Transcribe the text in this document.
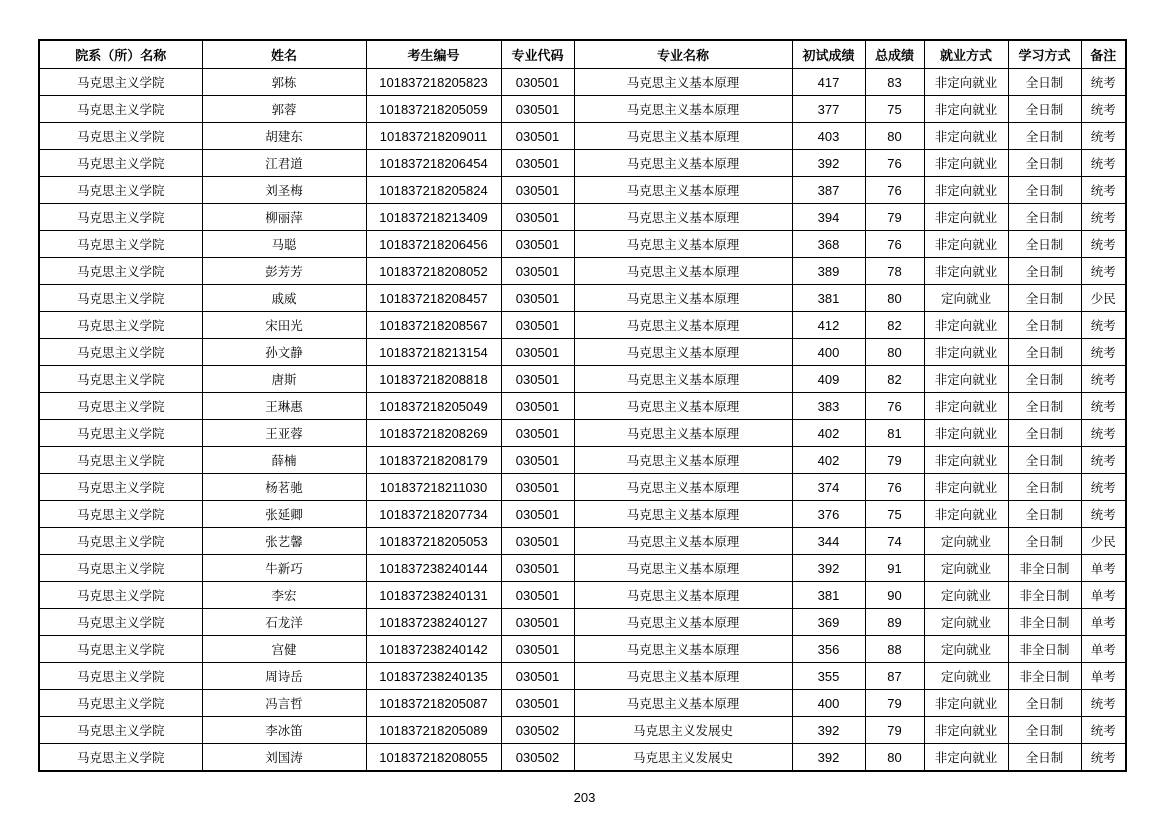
院系（所）名称	姓名	考生编号	专业代码	专业名称	初试成绩	总成绩	就业方式	学习方式	备注
马克思主义学院	郭栋	101837218205823	030501	马克思主义基本原理	417	83	非定向就业	全日制	统考
马克思主义学院	郭蓉	101837218205059	030501	马克思主义基本原理	377	75	非定向就业	全日制	统考
马克思主义学院	胡建东	101837218209011	030501	马克思主义基本原理	403	80	非定向就业	全日制	统考
马克思主义学院	江君道	101837218206454	030501	马克思主义基本原理	392	76	非定向就业	全日制	统考
马克思主义学院	刘圣梅	101837218205824	030501	马克思主义基本原理	387	76	非定向就业	全日制	统考
马克思主义学院	柳丽萍	101837218213409	030501	马克思主义基本原理	394	79	非定向就业	全日制	统考
马克思主义学院	马聪	101837218206456	030501	马克思主义基本原理	368	76	非定向就业	全日制	统考
马克思主义学院	彭芳芳	101837218208052	030501	马克思主义基本原理	389	78	非定向就业	全日制	统考
马克思主义学院	戚威	101837218208457	030501	马克思主义基本原理	381	80	定向就业	全日制	少民
马克思主义学院	宋田光	101837218208567	030501	马克思主义基本原理	412	82	非定向就业	全日制	统考
马克思主义学院	孙文静	101837218213154	030501	马克思主义基本原理	400	80	非定向就业	全日制	统考
马克思主义学院	唐斯	101837218208818	030501	马克思主义基本原理	409	82	非定向就业	全日制	统考
马克思主义学院	王琳惠	101837218205049	030501	马克思主义基本原理	383	76	非定向就业	全日制	统考
马克思主义学院	王亚蓉	101837218208269	030501	马克思主义基本原理	402	81	非定向就业	全日制	统考
马克思主义学院	薛楠	101837218208179	030501	马克思主义基本原理	402	79	非定向就业	全日制	统考
马克思主义学院	杨茗驰	101837218211030	030501	马克思主义基本原理	374	76	非定向就业	全日制	统考
马克思主义学院	张延卿	101837218207734	030501	马克思主义基本原理	376	75	非定向就业	全日制	统考
马克思主义学院	张艺馨	101837218205053	030501	马克思主义基本原理	344	74	定向就业	全日制	少民
马克思主义学院	牛新巧	101837238240144	030501	马克思主义基本原理	392	91	定向就业	非全日制	单考
马克思主义学院	李宏	101837238240131	030501	马克思主义基本原理	381	90	定向就业	非全日制	单考
马克思主义学院	石龙洋	101837238240127	030501	马克思主义基本原理	369	89	定向就业	非全日制	单考
马克思主义学院	宫健	101837238240142	030501	马克思主义基本原理	356	88	定向就业	非全日制	单考
马克思主义学院	周诗岳	101837238240135	030501	马克思主义基本原理	355	87	定向就业	非全日制	单考
马克思主义学院	冯言哲	101837218205087	030501	马克思主义基本原理	400	79	非定向就业	全日制	统考
马克思主义学院	李冰笛	101837218205089	030502	马克思主义发展史	392	79	非定向就业	全日制	统考
马克思主义学院	刘国涛	101837218208055	030502	马克思主义发展史	392	80	非定向就业	全日制	统考
203
